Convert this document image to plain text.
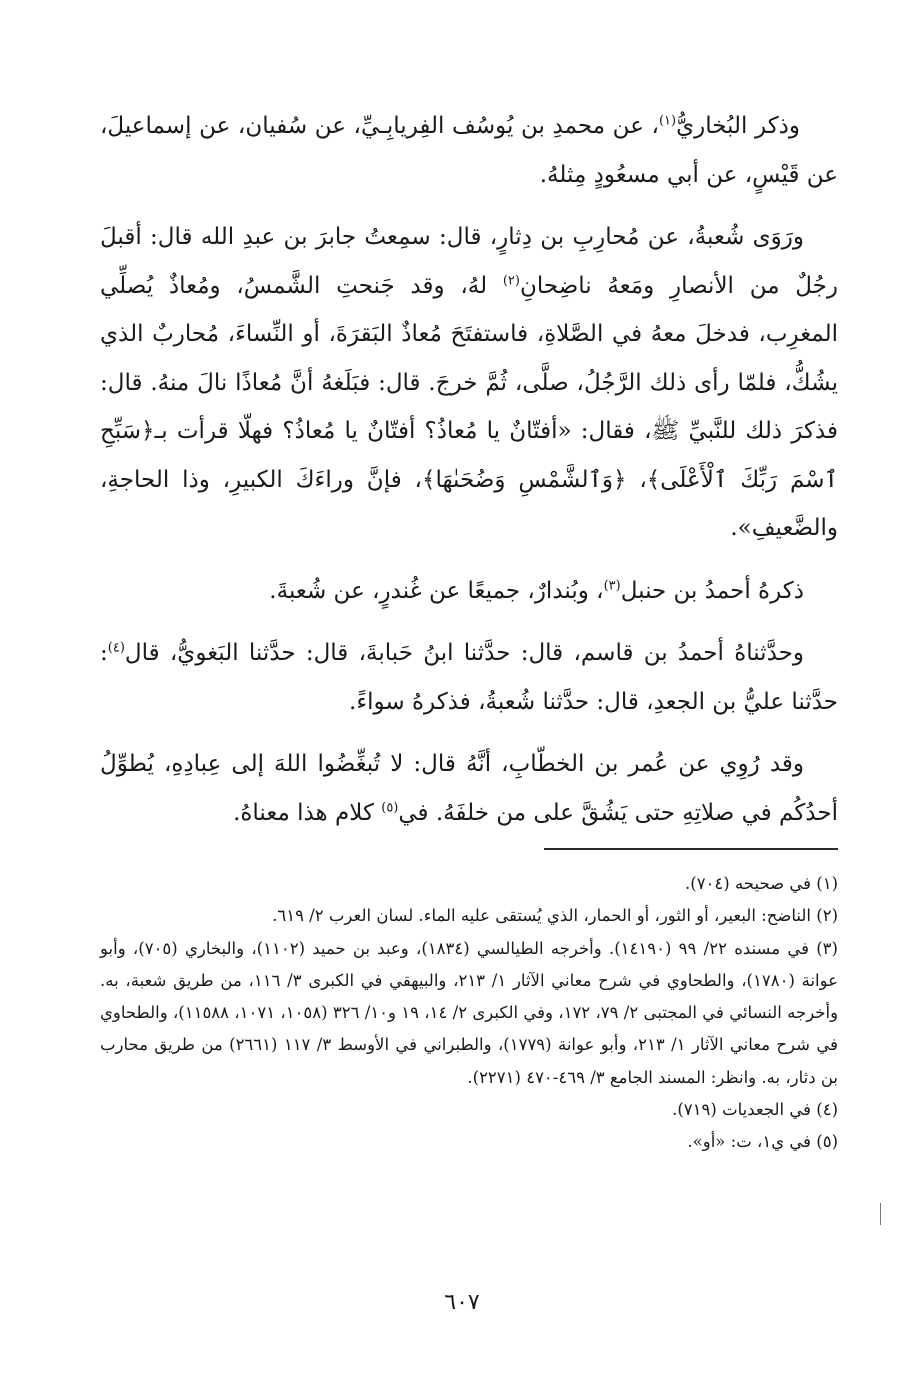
وذكر البُخاريُّ$^{(١)}$، عن محمدِ بن يُوسُف الفِريابِـيِّ، عن سُفيان، عن إسماعيلَ، عن قَيْسٍ، عن أبي مسعُودٍ مِثلهُ.

ورَوَى شُعبةُ، عن مُحارِبِ بن دِثارٍ، قال: سمِعتُ جابرَ بن عبدِ الله قال: أقبلَ رجُلٌ من الأنصارِ ومَعهُ ناضِحانِ$^{(٢)}$ لهُ، وقد جَنحتِ الشَّمسُ، ومُعاذٌ يُصلِّي المغرِب، فدخلَ معهُ في الصَّلاةِ، فاستفتَحَ مُعاذٌ البَقرَةَ، أو النِّساءَ، مُحاربٌ الذي يشُكُّ، فلمّا رأى ذلك الرَّجُلُ، صلَّى، ثُمَّ خرجَ. قال: فبَلَغهُ أنَّ مُعاذًا نالَ منهُ. قال: فذكرَ ذلك للنَّبيِّ ﷺ، فقال: «أفتّانٌ يا مُعاذُ؟ أفتّانٌ يا مُعاذُ؟ فهلّا قرأت بـ﴿سَبِّحِ ٱسْمَ رَبِّكَ ٱلْأَعْلَى﴾، ﴿وَٱلشَّمْسِ وَضُحَىٰهَا﴾، فإنَّ وراءَكَ الكبيرِ، وذا الحاجةِ، والضَّعيفِ».

ذكرهُ أحمدُ بن حنبل$^{(٣)}$، وبُندارٌ، جميعًا عن غُندرٍ، عن شُعبةَ.

وحدَّثناهُ أحمدُ بن قاسم، قال: حدَّثنا ابنُ حَبابةَ، قال: حدَّثنا البَغويُّ، قال$^{(٤)}$: حدَّثنا عليُّ بن الجعدِ، قال: حدَّثنا شُعبةُ، فذكرهُ سواءً.

وقد رُوِي عن عُمر بن الخطّابِ، أنَّهُ قال: لا تُبغِّضُوا اللهَ إلى عِبادِهِ، يُطوِّلُ أحدُكُم في صلاتِهِ حتى يَشُقَّ على من خلفَهُ. في$^{(٥)}$ كلام هذا معناهُ.

(١) في صحيحه (٧٠٤).

(٢) الناضح: البعير، أو الثور، أو الحمار، الذي يُستقى عليه الماء. لسان العرب ٢/ ٦١٩.

(٣) في مسنده ٢٢/ ٩٩ (١٤١٩٠). وأخرجه الطيالسي (١٨٣٤)، وعبد بن حميد (١١٠٢)، والبخاري (٧٠٥)، وأبو عوانة (١٧٨٠)، والطحاوي في شرح معاني الآثار ١/ ٢١٣، والبيهقي في الكبرى ٣/ ١١٦، من طريق شعبة، به. وأخرجه النسائي في المجتبى ٢/ ٧٩، ١٧٢، وفي الكبرى ٢/ ١٤، ١٩ و١٠/ ٣٢٦ (١٠٥٨، ١٠٧١، ١١٥٨٨)، والطحاوي في شرح معاني الآثار ١/ ٢١٣، وأبو عوانة (١٧٧٩)، والطبراني في الأوسط ٣/ ١١٧ (٢٦٦١) من طريق محارب بن دثار، به. وانظر: المسند الجامع ٣/ ٤٦٩-٤٧٠ (٢٢٧١).

(٤) في الجعديات (٧١٩).

(٥) في ي١، ت: «أو».

٦٠٧
